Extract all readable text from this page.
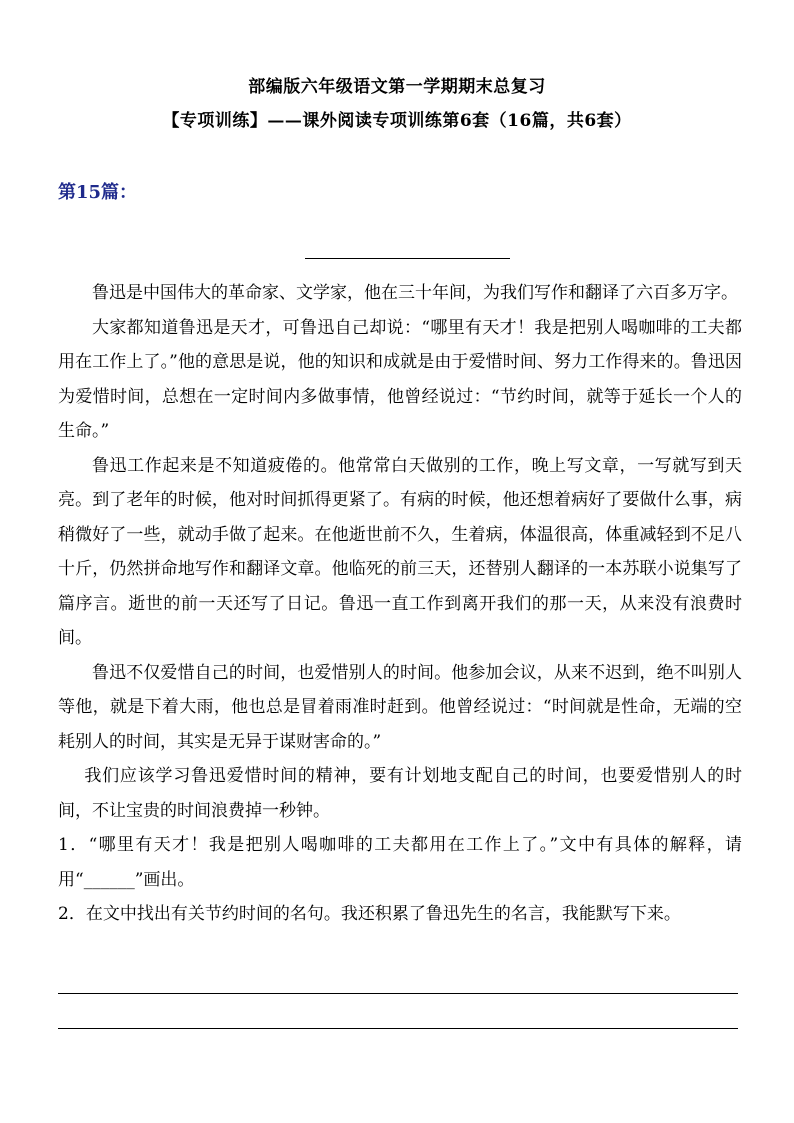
部编版六年级语文第一学期期末总复习
【专项训练】——课外阅读专项训练第6套（16篇，共6套）
第15篇：

鲁迅是中国伟大的革命家、文学家，他在三十年间，为我们写作和翻译了六百多万字。

大家都知道鲁迅是天才，可鲁迅自己却说：“哪里有天才！我是把别人喝咖啡的工夫都用在工作上了。”他的意思是说，他的知识和成就是由于爱惜时间、努力工作得来的。鲁迅因为爱惜时间，总想在一定时间内多做事情，他曾经说过：“节约时间，就等于延长一个人的生命。”

鲁迅工作起来是不知道疲倦的。他常常白天做别的工作，晚上写文章，一写就写到天亮。到了老年的时候，他对时间抓得更紧了。有病的时候，他还想着病好了要做什么事，病稍微好了一些，就动手做了起来。在他逝世前不久，生着病，体温很高，体重减轻到不足八十斤，仍然拼命地写作和翻译文章。他临死的前三天，还替别人翻译的一本苏联小说集写了篇序言。逝世的前一天还写了日记。鲁迅一直工作到离开我们的那一天，从来没有浪费时间。

鲁迅不仅爱惜自己的时间，也爱惜别人的时间。他参加会议，从来不迟到，绝不叫别人等他，就是下着大雨，他也总是冒着雨准时赶到。他曾经说过：“时间就是性命，无端的空耗别人的时间，其实是无异于谋财害命的。”

我们应该学习鲁迅爱惜时间的精神，要有计划地支配自己的时间，也要爱惜别人的时间，不让宝贵的时间浪费掉一秒钟。

1．“哪里有天才！我是把别人喝咖啡的工夫都用在工作上了。”文中有具体的解释，请用“______”画出。

2．在文中找出有关节约时间的名句。我还积累了鲁迅先生的名言，我能默写下来。
